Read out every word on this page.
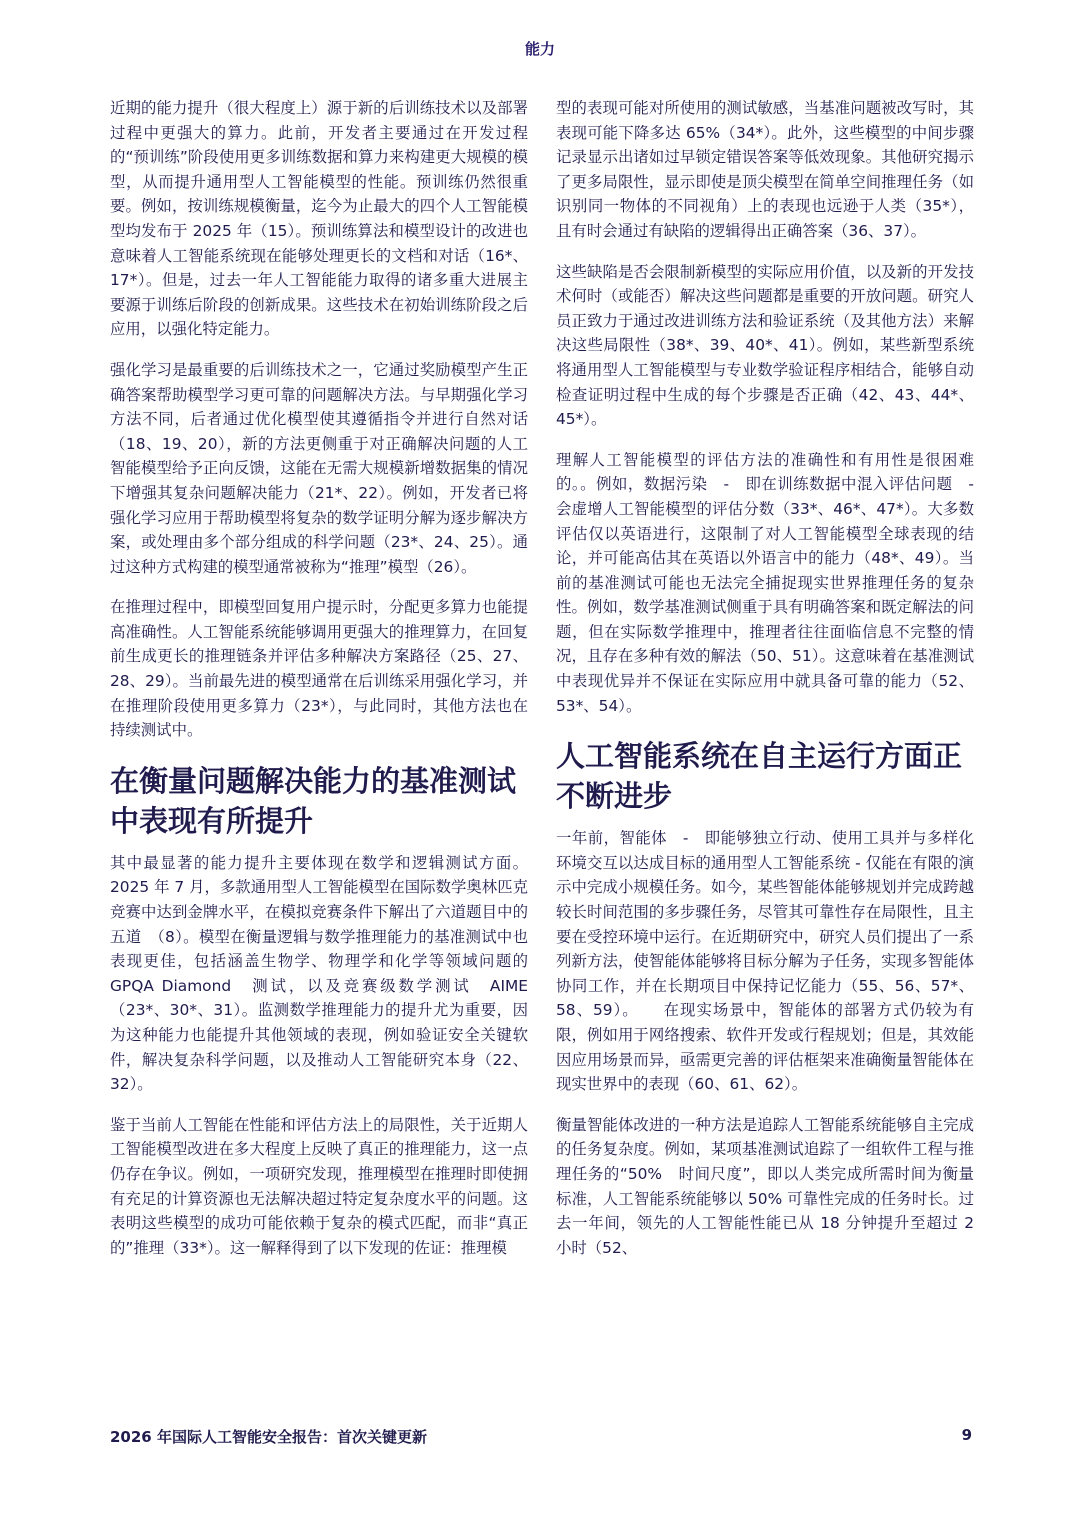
能力

近期的能力提升（很大程度上）源于新的后训练技术以及部署过程中更强大的算力。此前，开发者主要通过在开发过程的“预训练”阶段使用更多训练数据和算力来构建更大规模的模型，从而提升通用型人工智能模型的性能。预训练仍然很重要。例如，按训练规模衡量，迄今为止最大的四个人工智能模型均发布于 2025 年（15）。预训练算法和模型设计的改进也意味着人工智能系统现在能够处理更长的文档和对话（16*、17*）。但是，过去一年人工智能能力取得的诸多重大进展主要源于训练后阶段的创新成果。这些技术在初始训练阶段之后应用，以强化特定能力。

强化学习是最重要的后训练技术之一，它通过奖励模型产生正确答案帮助模型学习更可靠的问题解决方法。与早期强化学习方法不同，后者通过优化模型使其遵循指令并进行自然对话（18、19、20），新的方法更侧重于对正确解决问题的人工智能模型给予正向反馈，这能在无需大规模新增数据集的情况下增强其复杂问题解决能力（21*、22）。例如，开发者已将强化学习应用于帮助模型将复杂的数学证明分解为逐步解决方案，或处理由多个部分组成的科学问题（23*、24、25）。通过这种方式构建的模型通常被称为“推理”模型（26）。

在推理过程中，即模型回复用户提示时，分配更多算力也能提高准确性。人工智能系统能够调用更强大的推理算力，在回复前生成更长的推理链条并评估多种解决方案路径（25、27、28、29）。当前最先进的模型通常在后训练采用强化学习，并在推理阶段使用更多算力（23*），与此同时，其他方法也在持续测试中。

在衡量问题解决能力的基准测试中表现有所提升

其中最显著的能力提升主要体现在数学和逻辑测试方面。2025 年 7 月，多款通用型人工智能模型在国际数学奥林匹克竞赛中达到金牌水平，在模拟竞赛条件下解出了六道题目中的五道　（8）。模型在衡量逻辑与数学推理能力的基准测试中也表现更佳，包括涵盖生物学、物理学和化学等领域问题的　GPQA Diamond　测试，以及竞赛级数学测试　AIME（23*、30*、31）。监测数学推理能力的提升尤为重要，因为这种能力也能提升其他领域的表现，例如验证安全关键软件，解决复杂科学问题，以及推动人工智能研究本身（22、32）。

鉴于当前人工智能在性能和评估方法上的局限性，关于近期人工智能模型改进在多大程度上反映了真正的推理能力，这一点仍存在争议。例如，一项研究发现，推理模型在推理时即使拥有充足的计算资源也无法解决超过特定复杂度水平的问题。这表明这些模型的成功可能依赖于复杂的模式匹配，而非“真正的”推理（33*）。这一解释得到了以下发现的佐证：推理模

型的表现可能对所使用的测试敏感，当基准问题被改写时，其表现可能下降多达 65%（34*）。此外，这些模型的中间步骤记录显示出诸如过早锁定错误答案等低效现象。其他研究揭示了更多局限性，显示即使是顶尖模型在简单空间推理任务（如识别同一物体的不同视角）上的表现也远逊于人类（35*），且有时会通过有缺陷的逻辑得出正确答案（36、37）。

这些缺陷是否会限制新模型的实际应用价值，以及新的开发技术何时（或能否）解决这些问题都是重要的开放问题。研究人员正致力于通过改进训练方法和验证系统（及其他方法）来解决这些局限性（38*、39、40*、41）。例如，某些新型系统将通用型人工智能模型与专业数学验证程序相结合，能够自动检查证明过程中生成的每个步骤是否正确（42、43、44*、45*）。

理解人工智能模型的评估方法的准确性和有用性是很困难的。。例如，数据污染　-　即在训练数据中混入评估问题　-　会虚增人工智能模型的评估分数（33*、46*、47*）。大多数评估仅以英语进行，这限制了对人工智能模型全球表现的结论，并可能高估其在英语以外语言中的能力（48*、49）。当前的基准测试可能也无法完全捕捉现实世界推理任务的复杂性。例如，数学基准测试侧重于具有明确答案和既定解法的问题，但在实际数学推理中，推理者往往面临信息不完整的情况，且存在多种有效的解法（50、51）。这意味着在基准测试中表现优异并不保证在实际应用中就具备可靠的能力（52、53*、54）。

人工智能系统在自主运行方面正不断进步

一年前，智能体　-　即能够独立行动、使用工具并与多样化环境交互以达成目标的通用型人工智能系统 - 仅能在有限的演示中完成小规模任务。如今，某些智能体能够规划并完成跨越较长时间范围的多步骤任务，尽管其可靠性存在局限性，且主要在受控环境中运行。在近期研究中，研究人员们提出了一系列新方法，使智能体能够将目标分解为子任务，实现多智能体协同工作，并在长期项目中保持记忆能力（55、56、57*、58、59）。　　在现实场景中，智能体的部署方式仍较为有限，例如用于网络搜索、软件开发或行程规划；但是，其效能因应用场景而异，亟需更完善的评估框架来准确衡量智能体在现实世界中的表现（60、61、62）。

衡量智能体改进的一种方法是追踪人工智能系统能够自主完成的任务复杂度。例如，某项基准测试追踪了一组软件工程与推理任务的“50%　时间尺度”，即以人类完成所需时间为衡量标准，人工智能系统能够以 50% 可靠性完成的任务时长。过去一年间，领先的人工智能性能已从 18 分钟提升至超过 2 小时（52、

2026 年国际人工智能安全报告：首次关键更新	9
